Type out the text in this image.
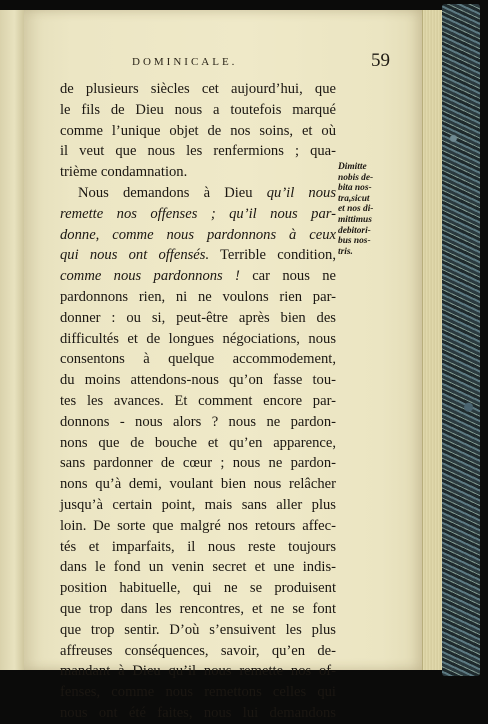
DOMINICALE.	59
de plusieurs siècles cet aujourd’hui, que
le fils de Dieu nous a toutefois marqué
comme l’unique objet de nos soins, et où
il veut que nous les renfermions ; qua-
trième condamnation.
Nous demandons à Dieu qu’il nous
remette nos offenses ; qu’il nous par-
donne, comme nous pardonnons à ceux
qui nous ont offensés. Terrible condition,
comme nous pardonnons ! car nous ne
pardonnons rien, ni ne voulons rien par-
donner : ou si, peut-être après bien des
difficultés et de longues négociations, nous
consentons à quelque accommodement,
du moins attendons-nous qu’on fasse tou-
tes les avances. Et comment encore par-
donnons - nous alors ? nous ne pardon-
nons que de bouche et qu’en apparence,
sans pardonner de cœur ; nous ne pardon-
nons qu’à demi, voulant bien nous relâcher
jusqu’à certain point, mais sans aller plus
loin. De sorte que malgré nos retours affec-
tés et imparfaits, il nous reste toujours
dans le fond un venin secret et une indis-
position habituelle, qui ne se produisent
que trop dans les rencontres, et ne se font
que trop sentir. D’où s’ensuivent les plus
affreuses conséquences, savoir, qu’en de-
mandant à Dieu qu’il nous remette nos of-
fenses, comme nous remettons celles qui
nous ont été faites, nous lui demandons
Dimitte
nobis de-
bita nos-
tra,sicut
et nos di-
mittimus
debitori-
bus nos-
tris.
